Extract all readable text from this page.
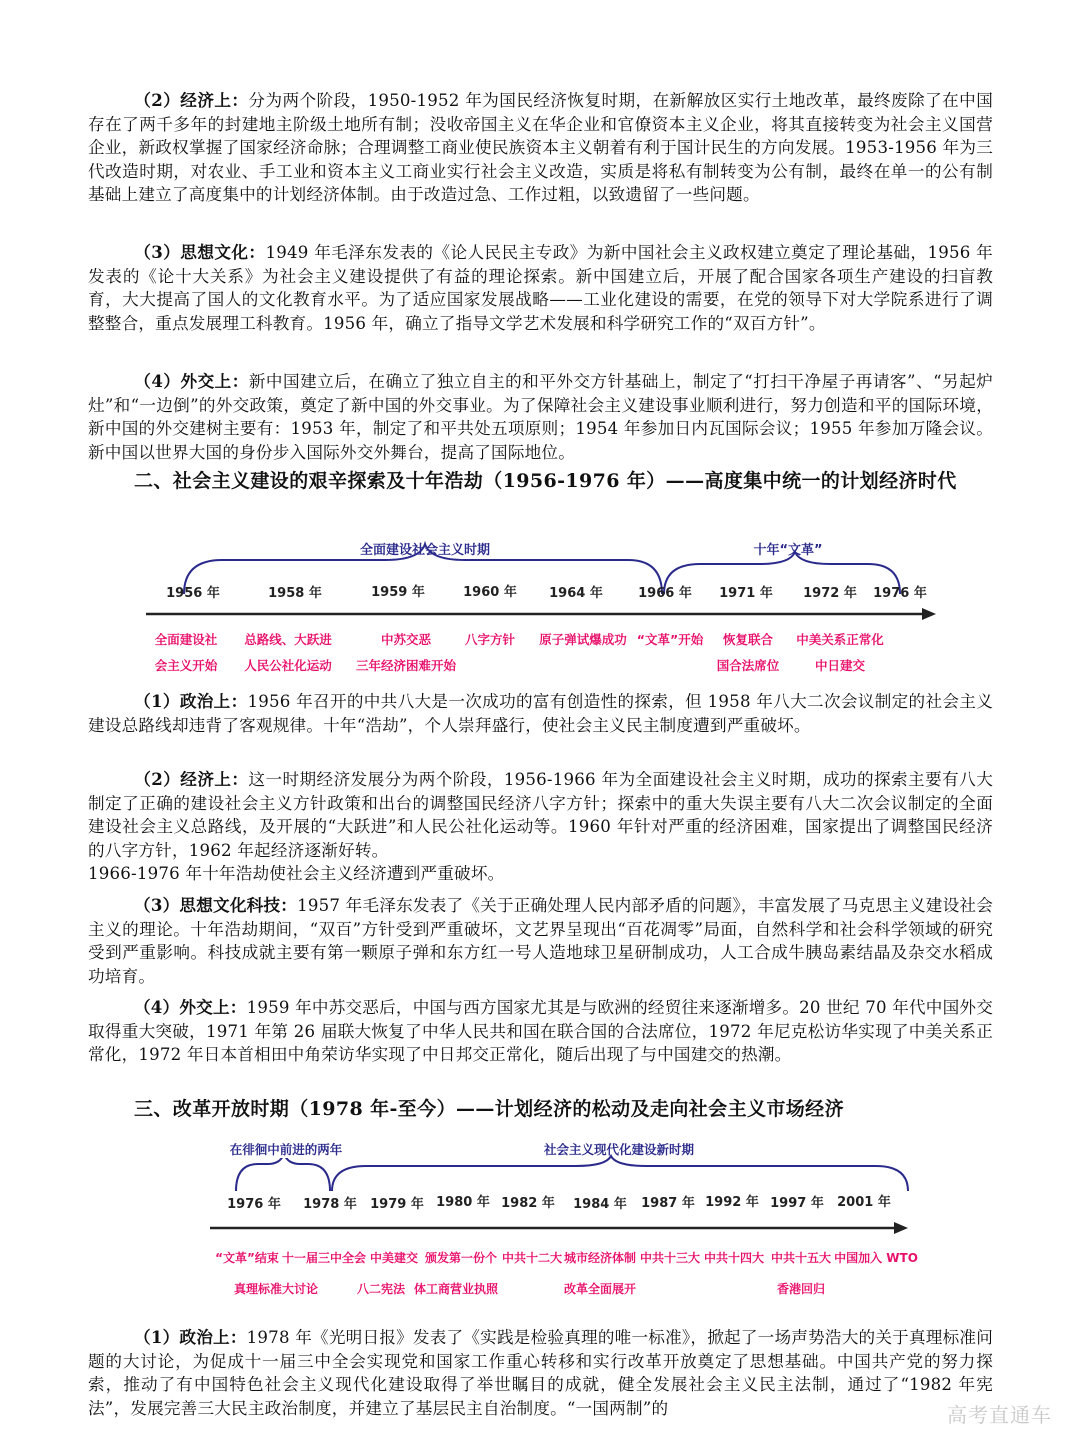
（2）经济上：分为两个阶段，1950-1952 年为国民经济恢复时期，在新解放区实行土地改革，最终废除了在中国存在了两千多年的封建地主阶级土地所有制；没收帝国主义在华企业和官僚资本主义企业，将其直接转变为社会主义国营企业，新政权掌握了国家经济命脉；合理调整工商业使民族资本主义朝着有利于国计民生的方向发展。1953-1956 年为三代改造时期，对农业、手工业和资本主义工商业实行社会主义改造，实质是将私有制转变为公有制，最终在单一的公有制基础上建立了高度集中的计划经济体制。由于改造过急、工作过粗，以致遗留了一些问题。

（3）思想文化：1949 年毛泽东发表的《论人民民主专政》为新中国社会主义政权建立奠定了理论基础，1956 年发表的《论十大关系》为社会主义建设提供了有益的理论探索。新中国建立后，开展了配合国家各项生产建设的扫盲教育，大大提高了国人的文化教育水平。为了适应国家发展战略——工业化建设的需要，在党的领导下对大学院系进行了调整整合，重点发展理工科教育。1956 年，确立了指导文学艺术发展和科学研究工作的“双百方针”。

（4）外交上：新中国建立后，在确立了独立自主的和平外交方针基础上，制定了“打扫干净屋子再请客”、“另起炉灶”和“一边倒”的外交政策，奠定了新中国的外交事业。为了保障社会主义建设事业顺利进行，努力创造和平的国际环境，新中国的外交建树主要有：1953 年，制定了和平共处五项原则；1954 年参加日内瓦国际会议；1955 年参加万隆会议。新中国以世界大国的身份步入国际外交外舞台，提高了国际地位。

二、社会主义建设的艰辛探索及十年浩劫（1956-1976 年）——高度集中统一的计划经济时代
全面建设社会主义时期	十年“文革”
1956 年	1958 年	1959 年	1960 年 1964 年	1966 年 1971 年 1972 年 1976 年
全面建设社
会主义开始
总路线、大跃进
人民公社化运动
中苏交恶
三年经济困难开始
八字方针 原子弹试爆成功 “文革”开始 恢复联合
国合法席位
中美关系正常化
中日建交

（1）政治上：1956 年召开的中共八大是一次成功的富有创造性的探索，但 1958 年八大二次会议制定的社会主义建设总路线却违背了客观规律。十年“浩劫”，个人崇拜盛行，使社会主义民主制度遭到严重破坏。

（2）经济上：这一时期经济发展分为两个阶段，1956-1966 年为全面建设社会主义时期，成功的探索主要有八大制定了正确的建设社会主义方针政策和出台的调整国民经济八字方针；探索中的重大失误主要有八大二次会议制定的全面建设社会主义总路线，及开展的“大跃进”和人民公社化运动等。1960 年针对严重的经济困难，国家提出了调整国民经济的八字方针，1962 年起经济逐渐好转。
1966-1976 年十年浩劫使社会主义经济遭到严重破坏。

（3）思想文化科技：1957 年毛泽东发表了《关于正确处理人民内部矛盾的问题》，丰富发展了马克思主义建设社会主义的理论。十年浩劫期间，“双百”方针受到严重破坏，文艺界呈现出“百花凋零”局面，自然科学和社会科学领域的研究受到严重影响。科技成就主要有第一颗原子弹和东方红一号人造地球卫星研制成功，人工合成牛胰岛素结晶及杂交水稻成功培育。

（4）外交上：1959 年中苏交恶后，中国与西方国家尤其是与欧洲的经贸往来逐渐增多。20 世纪 70 年代中国外交取得重大突破，1971 年第 26 届联大恢复了中华人民共和国在联合国的合法席位，1972 年尼克松访华实现了中美关系正常化，1972 年日本首相田中角荣访华实现了中日邦交正常化，随后出现了与中国建交的热潮。

三、改革开放时期（1978 年-至今）——计划经济的松动及走向社会主义市场经济
在徘徊中前进的两年	社会主义现代化建设新时期
1976 年 1978 年 1979 年 1980 年 1982 年 1984 年 1987 年 1992 年 1997 年 2001 年
“文革”结束
真理标准大讨论
十一届三中全会
八二宪法
中美建交 颁发第一份个
体工商营业执照
中共十二大 城市经济体制
改革全面展开
中共十三大 中共十四大 中共十五大
香港回归
中国加入 WTO

（1）政治上：1978 年《光明日报》发表了《实践是检验真理的唯一标准》，掀起了一场声势浩大的关于真理标准问题的大讨论，为促成十一届三中全会实现党和国家工作重心转移和实行改革开放奠定了思想基础。中国共产党的努力探索，推动了有中国特色社会主义现代化建设取得了举世瞩目的成就，健全发展社会主义民主法制，通过了“1982 年宪法”，发展完善三大民主政治制度，并建立了基层民主自治制度。“一国两制”的	高考直通车
